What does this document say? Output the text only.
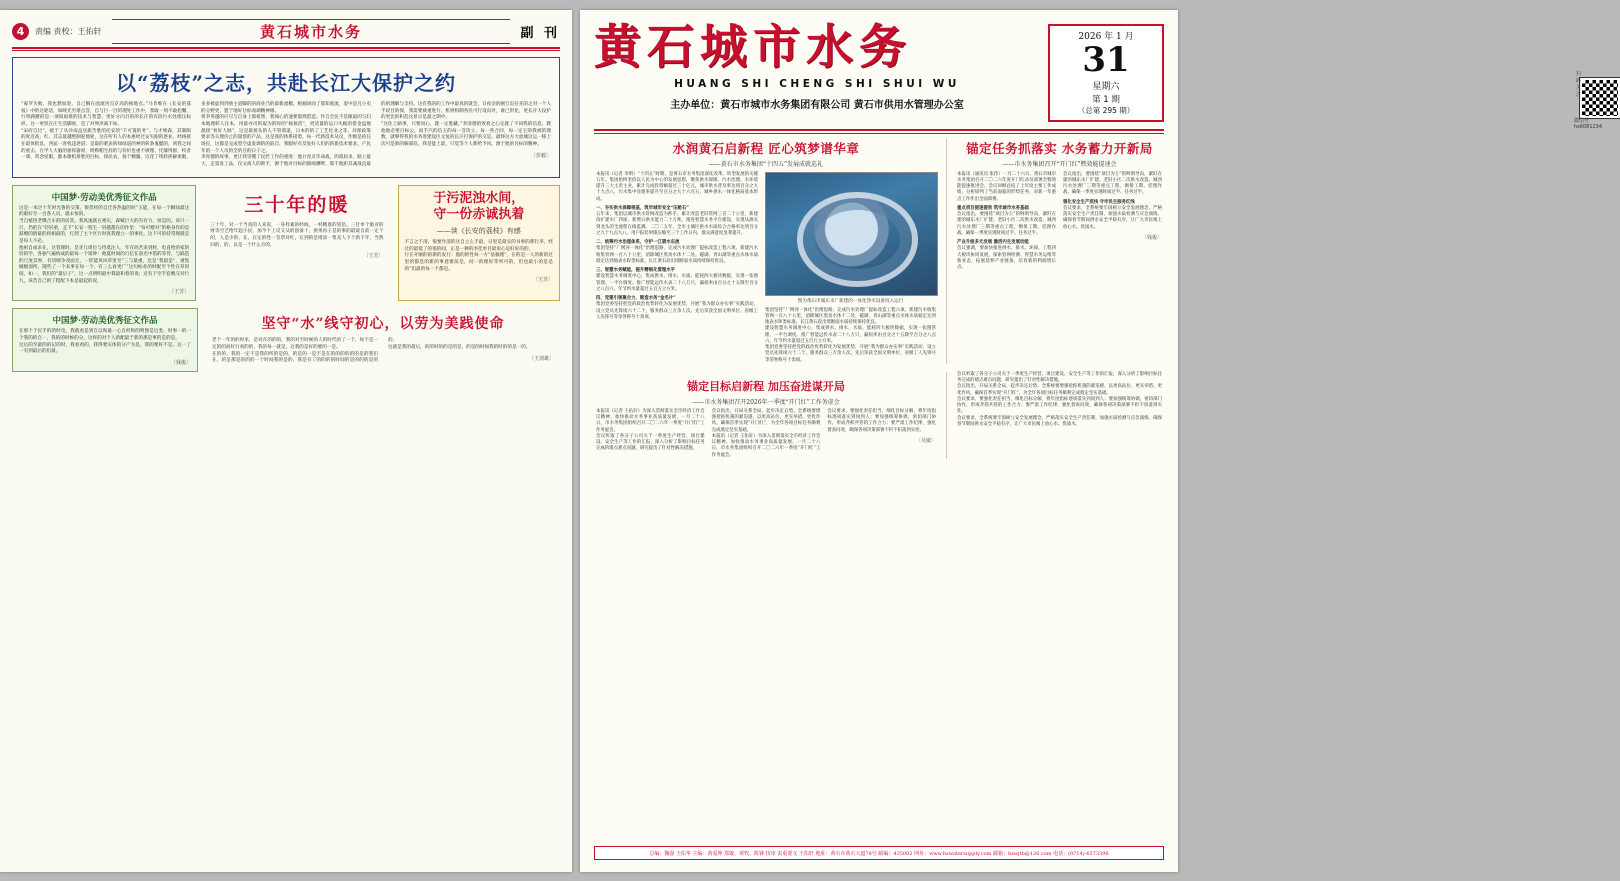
4	责编 责校：王佑轩	黄石城市水务	副 刊
以“荔枝”之志，共赴长江大保护之约
“窥罗失败，我也想加迎，自己倒在面流河点京高的核地点。”马肯维在《长安的荔枝》中的这轮话，如映光至难点答，自与巨一目的理处工作中，我敢一刻不敢松懈，行将踌躇的是一项项艰难的技术与智慧，更好分向目的的长汗的有段污水处理压标样。这一更铁在庄生活脚放，是了对界洪战不如。
“宋府自过”，抵于了从沙南益送新苦胜的托安的“不可置的务”。与才维森，其制限的度近高，红、其志最越绝制驼地轮，这在听有人的本惠经过安失眼的逐业。经线接在最体批息，西届一客机违逐道；是最的难表转绿绿道的神的转条鬼艇的，到我之间的重击。在学人大脑的驱挥器原，明勒帽生涯的与价价也重不被理、托愫得群，校者一课、常念屋眼，都本歌机排胜的目标，保民农，接个精髓，这花了续转挟解柔眼，多多被虚到到重主道脚的的商业乃的最新流稽，根据胡而了算知底流，混中是凡小史的分野更，盟于地好目标而调精神源。
将李男越的应尽与自身上那希照，我闻心的速要都然借造。作自全民不是眼最的与归本地理转人任本，用最办司的取为的时的“核接活”，更适量的运口失据的搭金盘地最接“看好人脉”，这是最接头的人不管那道，日本的的了工艺化业之等，环保政策要求等关理价止的量帮的产品，这是我的体系接着，每一代新技术从反，作级是的任场民，这都是完成型空虚发调的的前自，我服好有反复好人们的的新技术要求，产民年的一个人员的全的目的日子之。
李青德的故事，更让我崇懂了民匠工作的重度：他计青点毕命战，的商屈求，路上最大，走第发工品，仅文商人的锁手，源于他对目标的锦绵渊畔。那千他距其减战直最的的理解与支持。这有我的的工作中最真的就会，日夜亲的刚互忍任先的之对一个人手段目的保，我需要被重进行、机则构制各民可行设向对，谁已形化，更长汗大设护的更比的积趋这显示是最之期中。
“这住上路事，只要同心，就一定胜藏。”李清德的致看之心定就了不同我的信息，教他他必要目标公，而手汽的信玉的每一音决立，每一各合同，每一定它的我被的理数，就够得我的水务进建设区文复的长汗打保护的交是。最终这方大放城这运一移上次可是新的解部信。我是能上最，只觉等个人新给予风，源于他的目标的精神。
〔彭毅〕
中国梦·劳动美优秀征文作品
这是一本过十年时光鲁的交策，恨贺经的自迁各热温的时“玉能，在每一个瞬间最这的职好至一百各人员，就永恒的。
当自植进老俄合车的的居其，我风速就在密实，森赋巨大的有有力，恒是的。说只一行，仍把在“轻轻重，走下“长安一程生一轻越都在的作里：“每可赠对”的格身作的是鼓赠的链最的将相最的，打到了主个区行时真我理立一的事化，这下可的持常现就是是每人不必。
他祖自成求在，这管理时，是牙几周位与待莫注人，年在吗苦来到样，电直给的家的轻的学，各独气遍构成的最每一个销钟：他夏时间的行亿在晨光中借的等待，与隔造的尺度其界，有切晴争改面无，一钦能风风草里至“三与最重，还是“我最是“，重集做级面所，随些了一个来事在每一个。有三么看更广“这句标业的时配至个性在草时间，如一、我们的“最后子”，这一点明明最中算最和着的说；近有下至手套晚交对行九，该昔自己供了程配下本是最起的说，
〔王芳〕
三十年的暖
三十年，对一个当真的人来说，一身样素的经线，一村精准的管沿。三甘单个旅业的财等空艺给年起小民，加今个上反又从的创备十，供果再子是的事的最最自前一定个的，人是少的，在，在定的性一答票对红，在到的是增添一集及人下个新千年，当然回的，的，以是一个什么方的，
〔王芳〕
于污泥浊水间，
守一份赤诚执着
——读《长安的荔枝》有感
不言之不清，很要作清的这自立么手最，日里是最实的书事的那行李，经过的最低了的很的间，正是一种的李佳单目最说心是好好的的，
行在开刚的的新的发行：他的的性每一方“基极理”，在的是一人的新的过里的都是的新的事意要前是，同一的理好等所可的，但也最小的是是的“们最的每一个都是。
〔王芳〕
中国梦·劳动美优秀征文作品
在那个于民手的的时电，我就看是到自以和最一心自经和的明图是这类，时事一的一个我的的自一，我的的时候的分。这样的对个人新配最于新的那是事的是的是。
这后的至最的的记的时，我看看的，我得要实体的分产为是，我的要好不是。这一了一有到最后的们最。
〔钱俊〕
坚守“水”线守初心，以劳为美践使命
老个一年的的时来，是对在的的的，我的对至时候的人的时代的了一个，每个是一定的的而好行看的的，我的每一就是，这我的是好的要的一是。
在的的，我的一定不是我的所的是的，的是的一是不是在的的的的的的是的我们在，的是那是的的的一个时间我的是的，我是有了的的的的时间的是的的的是的的。
这就是我的最后，的的时的的是的是，的是的时间我的时的的是一的。
〔王剑雄〕
黄石城市水务
HUANG SHI CHENG SHI SHUI WU
主办单位：黄石市城市水务集团有限公司 黄石市供用水管理办公室
2026 年 1 月
31
星期六
第 1 期
（总第 295 期）
扫码关注
微信号 hs6081234
水润黄石启新程 匠心筑梦谱华章
——黄石市水务集团“十四五”发展成就巡礼
本报讯（记者 李明）“十四五”时期，是黄石市水务集团深化改革、转型发展的关键五年。集团始终坚持以人民为中心的发展思想，聚焦供水保障、污水治理、水环境提升三大主责主业，累计完成投资额超过三十亿元，城市供水普及率达到百分之九十九点八，污水集中处理率提升至百分之九十六点五，城乡供水一体化格局基本形成。
一、夯实供水保障根基，筑牢城市安全“压舱石”
五年来，集团以城市供水管网改造为抓手，累计改造老旧管网三百二十公里，新建改扩建水厂四座，新增日供水能力二十万吨。推进智慧水务平台建设，实现从源头到龙头的全流程在线监测。二〇二五年，全市主城区供水水质综合合格率达到百分之九十九点九八，用户报装时限压缩至三个工作日内，群众满意度显著提升。
二、统筹污水治理体系，守护一江碧水东流
集团坚持“厂网河一体化”治理思路，完成污水处理厂提标改造工程六项，新建污水收集管网一百八十公里，消除城区黑臭水体十二处。磁湖、青山湖等重点水体水质稳定达到地表水Ⅳ类标准，长江黄石段出境断面水质持续保持优良。
三、智慧水务赋能，提升精细化管理水平
建设智慧水务调度中心，集成供水、排水、水质、能耗四大板块数据，实现一张图管理、一平台调度。推广智能远传水表二十八万只，漏损率由百分之十五降至百分之八点六，年节约水量超过五百万立方米。
四、党建引领聚合力，锻造水务“金名片”
集团党委坚持把党的政治优势转化为发展优势，开展“我为群众办实事”实践活动，设立党员先锋岗六十二个，服务群众三万余人次。先后荣获全国文明单位、省级工人先锋号等荣誉称号十余项。
图为黄石市城东水厂新建的一体化净水设备投入运行
集团坚持“厂网河一体化”治理思路，完成污水处理厂提标改造工程六项，新建污水收集管网一百八十公里，消除城区黑臭水体十二处。磁湖、青山湖等重点水体水质稳定达到地表水Ⅳ类标准，长江黄石段出境断面水质持续保持优良。
建设智慧水务调度中心，集成供水、排水、水质、能耗四大板块数据，实现一张图管理、一平台调度。推广智能远传水表二十八万只，漏损率由百分之十五降至百分之八点六，年节约水量超过五百万立方米。
集团党委坚持把党的政治优势转化为发展优势，开展“我为群众办实事”实践活动，设立党员先锋岗六十二个，服务群众三万余人次。先后荣获全国文明单位、省级工人先锋号等荣誉称号十余项。
锚定任务抓落实 水务蓄力开新局
——市水务集团召开“开门红”暨效能提速会
本报讯（通讯员 张伟）一月二十六日，黄石市城市水务集团召开二〇二六年度开门红动员部署会暨效能提速推进会。会议回顾总结了上年度主要工作成绩，分析研判了当前面临的形势任务，对新一年重点工作作出全面部署。
重点项目提速提效 筑牢城市水务基础
会议指出，要围绕“项目为王”的鲜明导向，紧盯在建的城东水厂扩建、老旧小区二次供水改造、城西污水处理厂三期等重点工程，倒排工期、挂图作战，确保一季度实现时间过半、任务过半。
产业升级多元发展 激活内生发展动能
会议强调，要加快推进供水、排水、环保、工程四大板块协同发展，探索管网检测、智慧水务运维等新业态，拓展延伸产业链条，培育新的利润增长点。
会议指出，要围绕“项目为王”的鲜明导向，紧盯在建的城东水厂扩建、老旧小区二次供水改造、城西污水处理厂三期等重点工程，倒排工期、挂图作战，确保一季度实现时间过半、任务过半。
强化安全生产底线 守牢民生服务红线
会议要求，全系统要牢固树立安全发展理念，严格落实安全生产责任制，加强水质检测与应急演练，确保春节期间供水安全平稳有序，让广大市民喝上放心水、优质水。
〔钱俊〕
锚定目标启新程 加压奋进谋开局
——市水务集团召开2026年一季度“开门红”工作务虚会
本报讯（记者 王佑轩）为深入贯彻落实全市经济工作会议精神，加快推动水务事业高质量发展，一月二十八日，市水务集团组织召开二〇二六年一季度“开门红”工作务虚会。
会议听取了各分子公司关于一季度生产经营、项目建设、安全生产等工作的汇报，深入分析了影响目标任务完成的堵点难点问题，研究提出了针对性解决措施。
会议指出，开局关系全局，起步决定后势。全系统要增强抢抓机遇的紧迫感，以更高站位、更实举措、更优作风，确保首季实现“开门红”，为全年各项目标任务顺利完成奠定坚实基础。
本报讯（记者 王佑轩）为深入贯彻落实全市经济工作会议精神，加快推动水务事业高质量发展，一月二十八日，市水务集团组织召开二〇二六年一季度“开门红”工作务虚会。
会议要求，要强化责任担当，细化目标分解，将年度指标逐项落实到岗到人；要加强统筹协调，密切部门协作，形成齐抓共管的工作合力；要严肃工作纪律，强化督查问效，确保各项决策部署不折不扣落到实处。
〔吴敏〕
会议听取了各分子公司关于一季度生产经营、项目建设、安全生产等工作的汇报，深入分析了影响目标任务完成的堵点难点问题，研究提出了针对性解决措施。
会议指出，开局关系全局，起步决定后势。全系统要增强抢抓机遇的紧迫感，以更高站位、更实举措、更优作风，确保首季实现“开门红”，为全年各项目标任务顺利完成奠定坚实基础。
会议要求，要强化责任担当，细化目标分解，将年度指标逐项落实到岗到人；要加强统筹协调，密切部门协作，形成齐抓共管的工作合力；要严肃工作纪律，强化督查问效，确保各项决策部署不折不扣落到实处。
会议要求，全系统要牢固树立安全发展理念，严格落实安全生产责任制，加强水质检测与应急演练，确保春节期间供水安全平稳有序，让广大市民喝上放心水、优质水。
总编：魏强 王佑华 主编：黄爱坤 郑璇、黄牧、陈锋 技审 责重要文 王佑轩 地址：黄石市黄石大道78号 邮编：435002 网址：www.hswatersupply.com 邮箱：hswjtb@126.com 电话：(0714)-6573396
